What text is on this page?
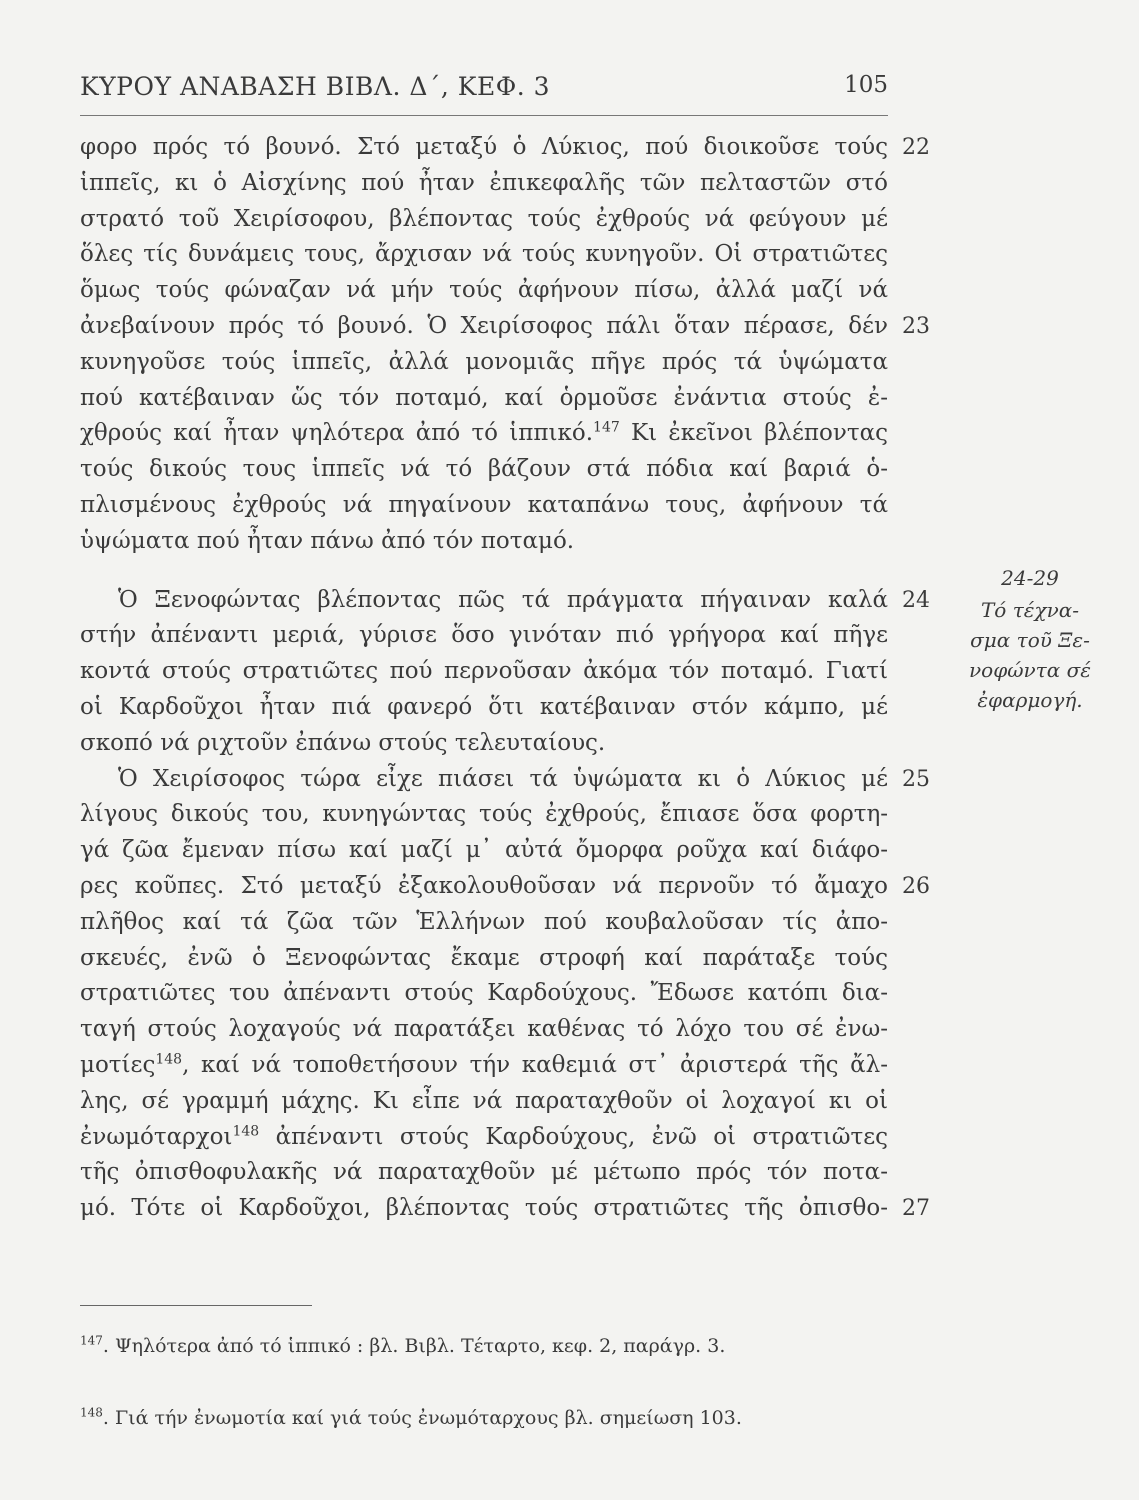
ΚΥΡΟΥ ΑΝΑΒΑΣΗ ΒΙΒΛ. Δ΄, ΚΕΦ. 3	105
φορο πρός τό βουνό. Στό μεταξύ ὁ Λύκιος, πού διοικοῦσε τούς 22
ἱππεῖς, κι ὁ Αἰσχίνης πού ἦταν ἐπικεφαλῆς τῶν πελταστῶν στό
στρατό τοῦ Χειρίσοφου, βλέποντας τούς ἐχθρούς νά φεύγουν μέ
ὅλες τίς δυνάμεις τους, ἄρχισαν νά τούς κυνηγοῦν. Οἱ στρατιῶτες
ὅμως τούς φώναζαν νά μήν τούς ἀφήνουν πίσω, ἀλλά μαζί νά
ἀνεβαίνουν πρός τό βουνό. Ὁ Χειρίσοφος πάλι ὅταν πέρασε, δέν 23
κυνηγοῦσε τούς ἱππεῖς, ἀλλά μονομιᾶς πῆγε πρός τά ὑψώματα
πού κατέβαιναν ὥς τόν ποταμό, καί ὁρμοῦσε ἐνάντια στούς ἐ-
χθρούς καί ἦταν ψηλότερα ἀπό τό ἱππικό.$^{147}$ Κι ἐκεῖνοι βλέποντας
τούς δικούς τους ἱππεῖς νά τό βάζουν στά πόδια καί βαριά ὁ-
πλισμένους ἐχθρούς νά πηγαίνουν καταπάνω τους, ἀφήνουν τά
ὑψώματα πού ἦταν πάνω ἀπό τόν ποταμό.
Ὁ Ξενοφώντας βλέποντας πῶς τά πράγματα πήγαιναν καλά 24
στήν ἀπέναντι μεριά, γύρισε ὅσο γινόταν πιό γρήγορα καί πῆγε
κοντά στούς στρατιῶτες πού περνοῦσαν ἀκόμα τόν ποταμό. Γιατί
οἱ Καρδοῦχοι ἦταν πιά φανερό ὅτι κατέβαιναν στόν κάμπο, μέ
σκοπό νά ριχτοῦν ἐπάνω στούς τελευταίους.
Ὁ Χειρίσοφος τώρα εἶχε πιάσει τά ὑψώματα κι ὁ Λύκιος μέ 25
λίγους δικούς του, κυνηγώντας τούς ἐχθρούς, ἔπιασε ὅσα φορτη-
γά ζῶα ἔμεναν πίσω καί μαζί μ᾿ αὐτά ὄμορφα ροῦχα καί διάφο-
ρες κοῦπες. Στό μεταξύ ἐξακολουθοῦσαν νά περνοῦν τό ἄμαχο 26
πλῆθος καί τά ζῶα τῶν Ἑλλήνων πού κουβαλοῦσαν τίς ἀπο-
σκευές, ἐνῶ ὁ Ξενοφώντας ἔκαμε στροφή καί παράταξε τούς
στρατιῶτες του ἀπέναντι στούς Καρδούχους. Ἔδωσε κατόπι δια-
ταγή στούς λοχαγούς νά παρατάξει καθένας τό λόχο του σέ ἐνω-
μοτίες$^{148}$, καί νά τοποθετήσουν τήν καθεμιά στ᾿ ἀριστερά τῆς ἄλ-
λης, σέ γραμμή μάχης. Κι εἶπε νά παραταχθοῦν οἱ λοχαγοί κι οἱ
ἐνωμόταρχοι$^{148}$ ἀπέναντι στούς Καρδούχους, ἐνῶ οἱ στρατιῶτες
τῆς ὀπισθοφυλακῆς νά παραταχθοῦν μέ μέτωπο πρός τόν ποτα-
μό. Τότε οἱ Καρδοῦχοι, βλέποντας τούς στρατιῶτες τῆς ὀπισθο- 27
24-29
Τό τέχνα-
σμα τοῦ Ξε-
νοφώντα σέ
ἐφαρμογή.
$^{147}$. Ψηλότερα ἀπό τό ἱππικό : βλ. Βιβλ. Τέταρτο, κεφ. 2, παράγρ. 3.
$^{148}$. Γιά τήν ἐνωμοτία καί γιά τούς ἐνωμόταρχους βλ. σημείωση 103.
